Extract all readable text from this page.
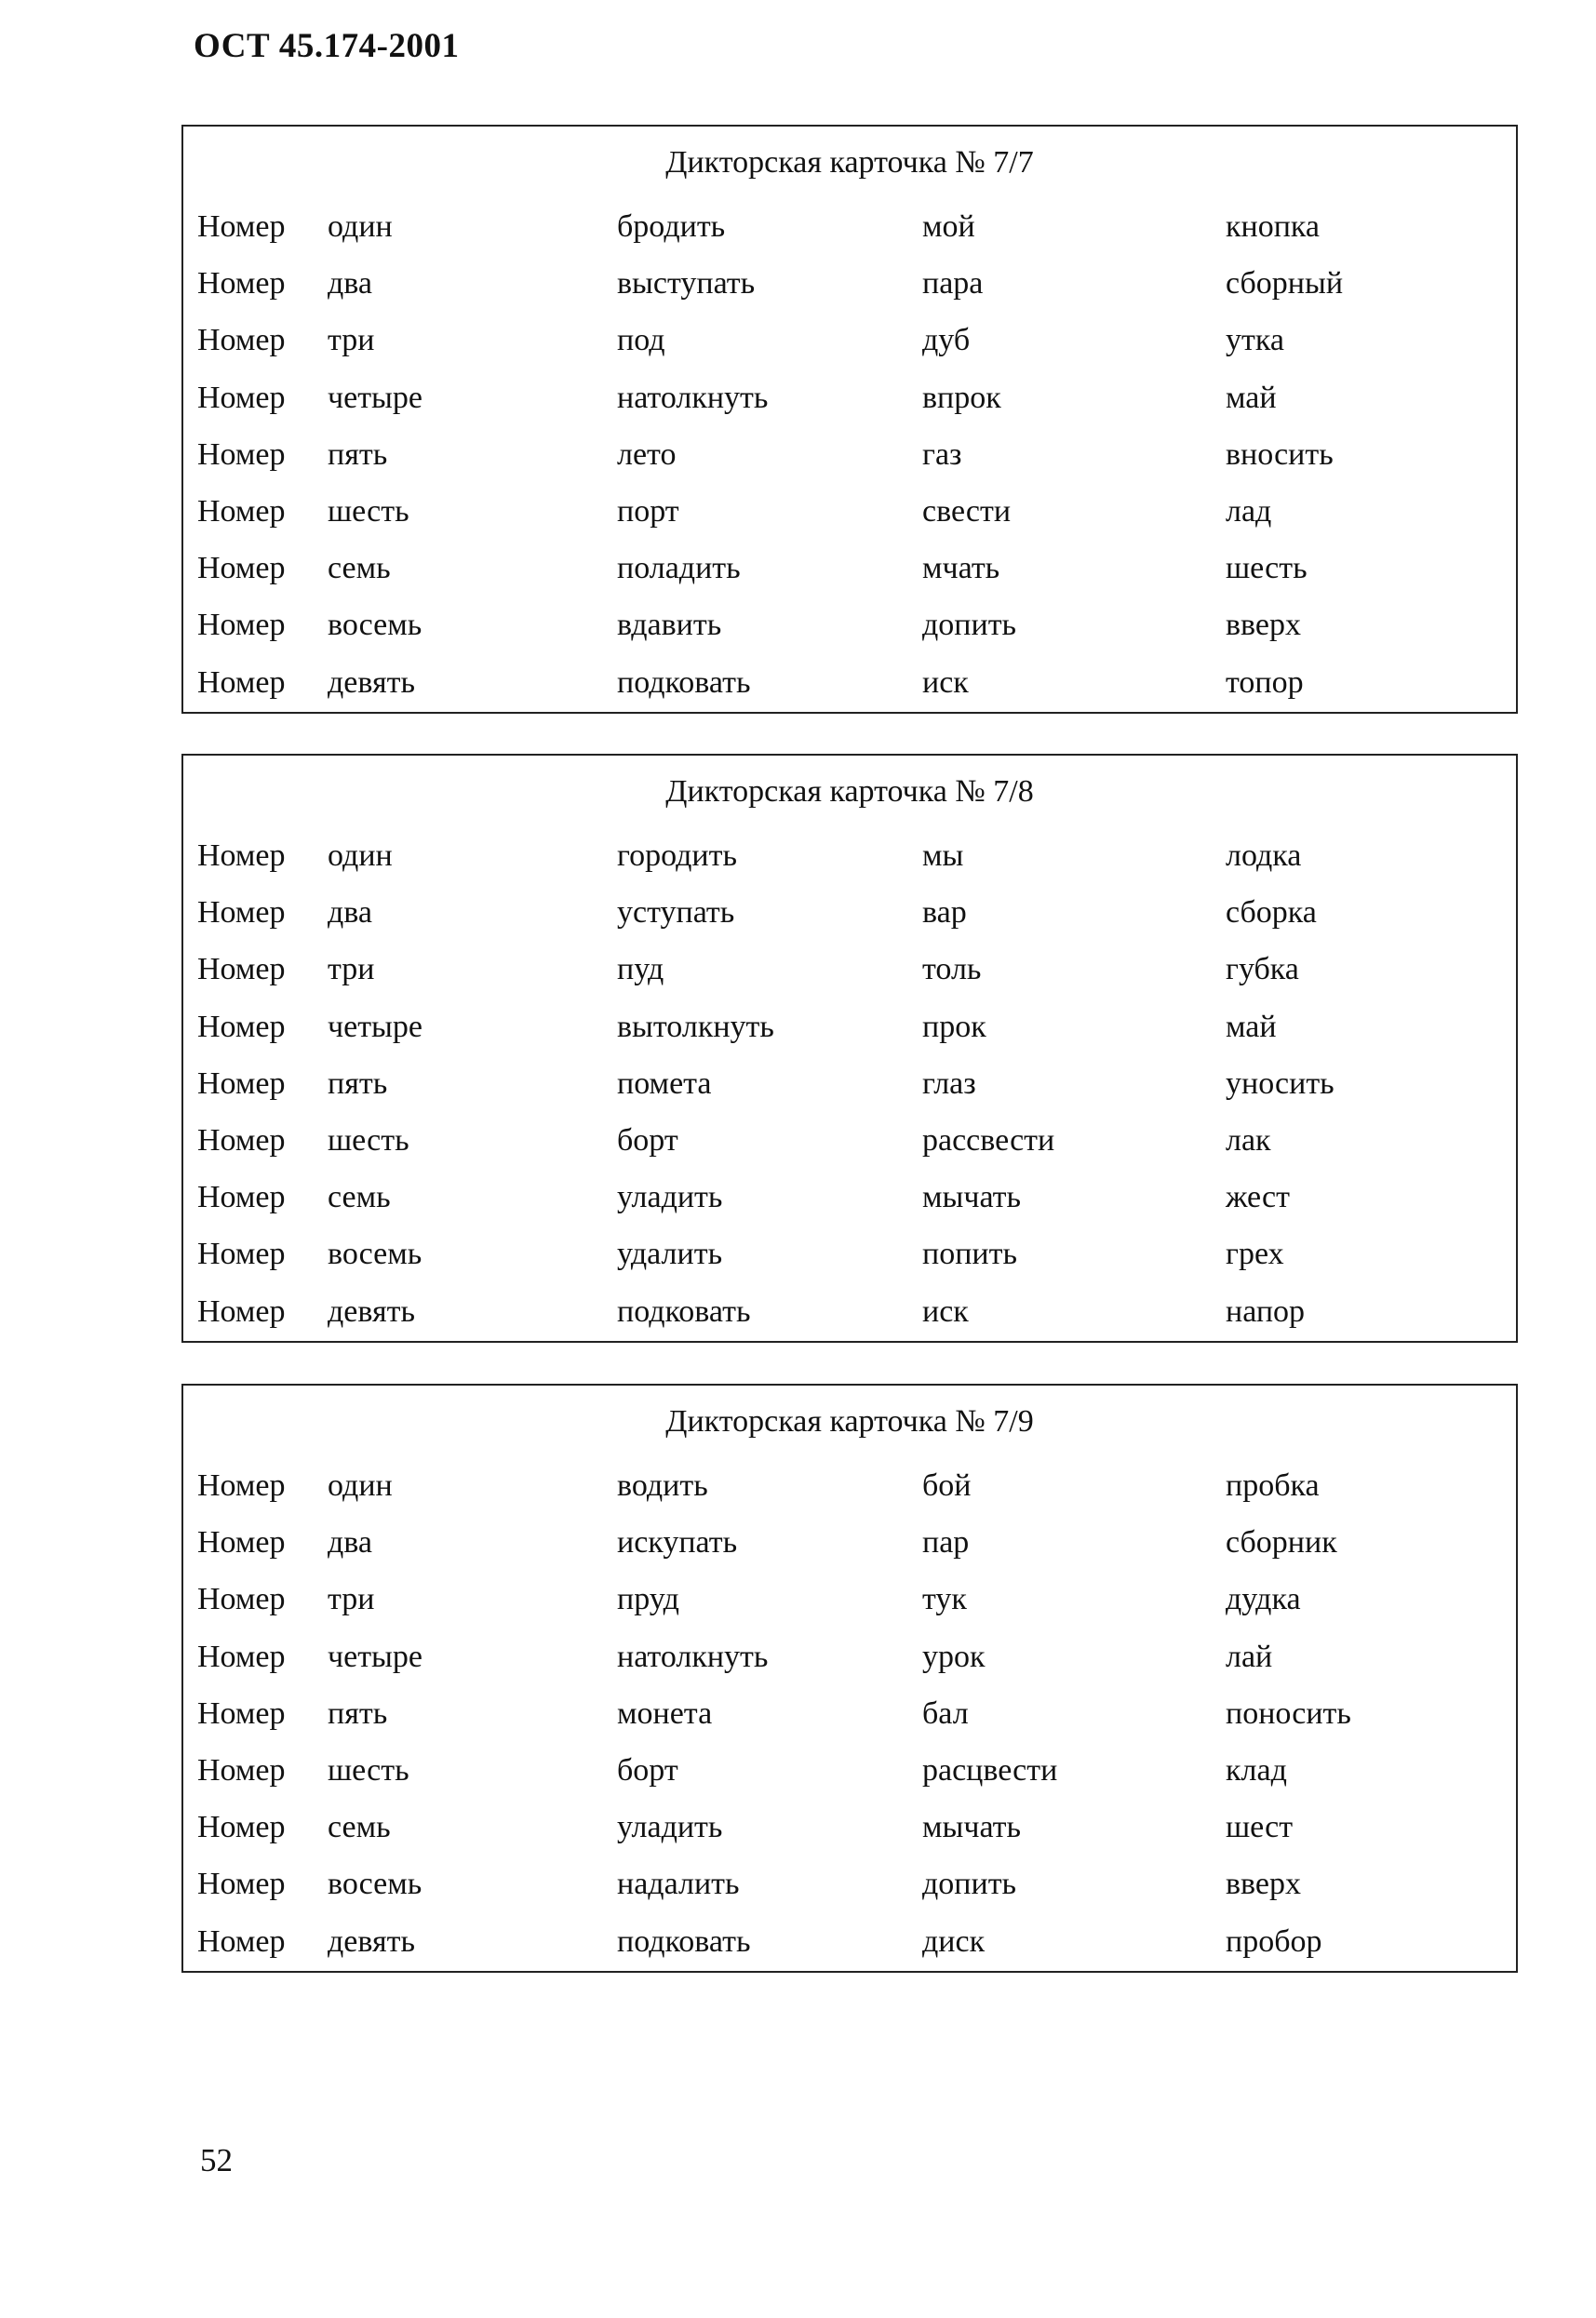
ОСТ 45.174-2001
Дикторская карточка № 7/7
Номер один	бродить	мой	кнопка
Номер два	выступать	пара	сборный
Номер три	под	дуб	утка
Номер четыре	натолкнуть	впрок	май
Номер пять	лето	газ	вносить
Номер шесть	порт	свести	лад
Номер семь	поладить	мчать	шесть
Номер восемь	вдавить	допить	вверх
Номер девять	подковать	иск	топор
Дикторская карточка № 7/8
Номер один	городить	мы	лодка
Номер два	уступать	вар	сборка
Номер три	пуд	толь	губка
Номер четыре	вытолкнуть	прок	май
Номер пять	помета	глаз	уносить
Номер шесть	борт	рассвести	лак
Номер семь	уладить	мычать	жест
Номер восемь	удалить	попить	грех
Номер девять	подковать	иск	напор
Дикторская карточка № 7/9
Номер один	водить	бой	пробка
Номер два	искупать	пар	сборник
Номер три	пруд	тук	дудка
Номер четыре	натолкнуть	урок	лай
Номер пять	монета	бал	поносить
Номер шесть	борт	расцвести	клад
Номер семь	уладить	мычать	шест
Номер восемь	надалить	допить	вверх
Номер девять	подковать	диск	пробор
52
